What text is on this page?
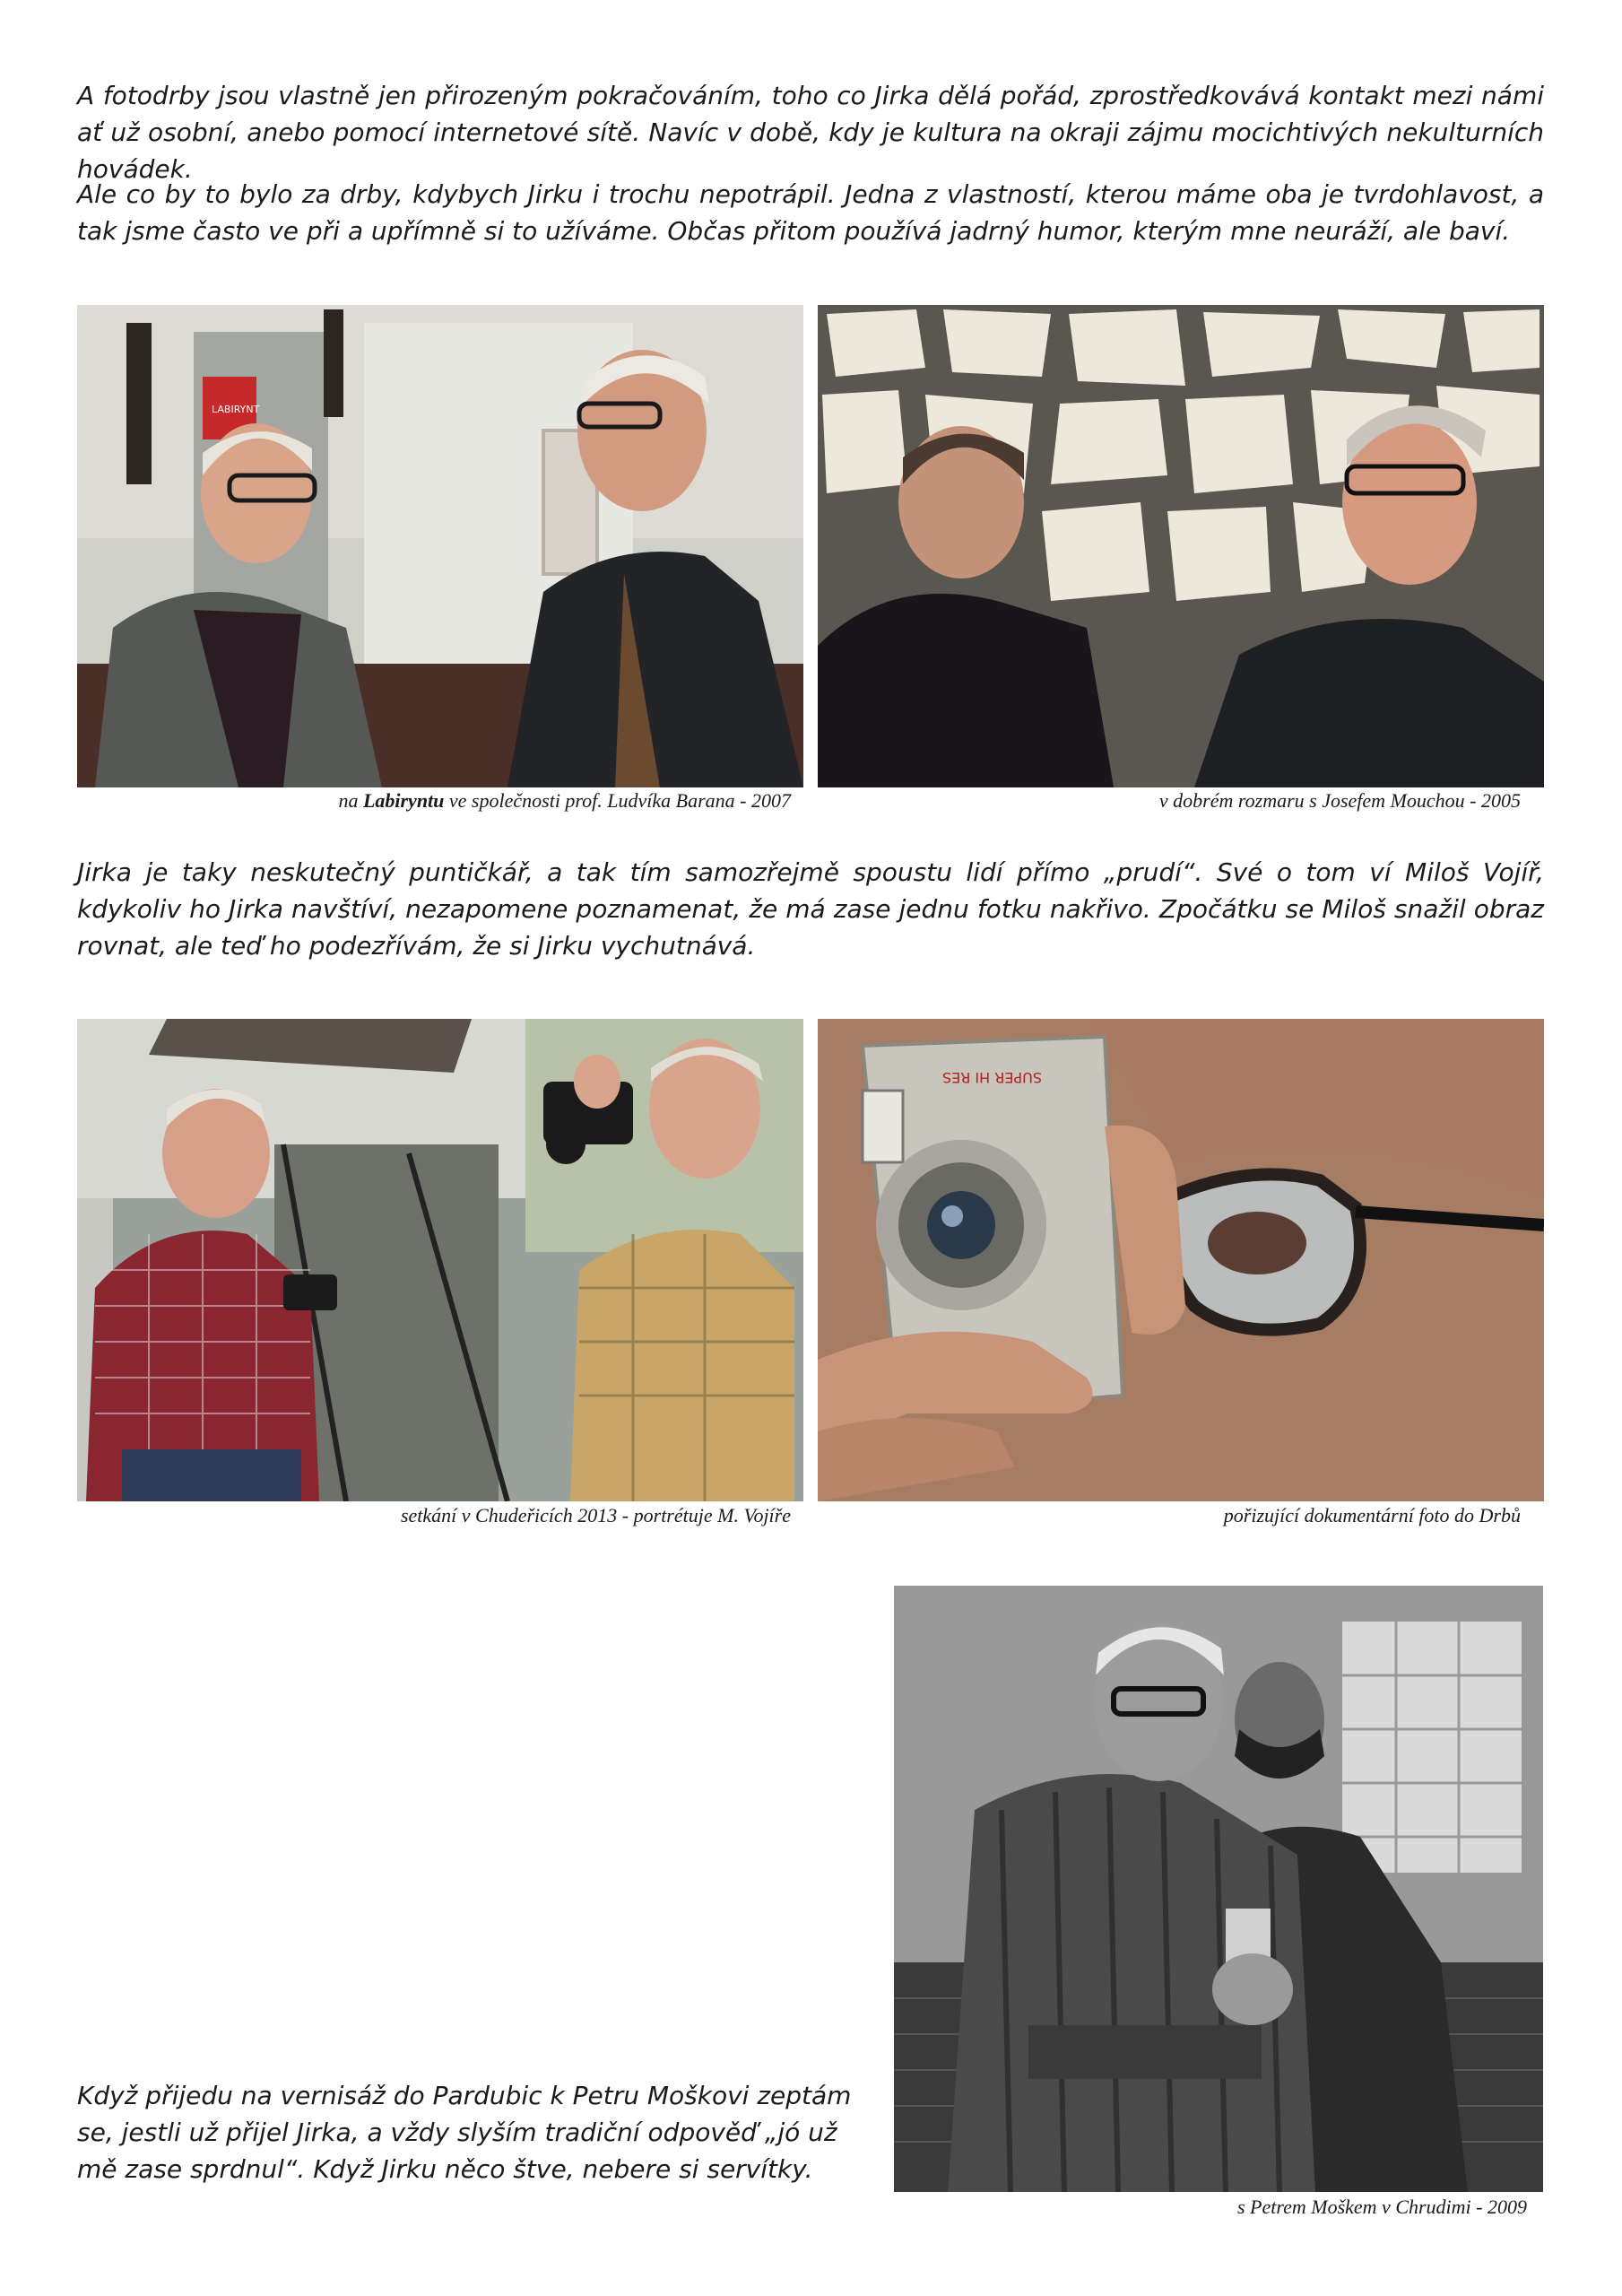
A fotodrby jsou vlastně jen přirozeným pokračováním, toho co Jirka dělá pořád, zprostředkovává kontakt mezi námi ať už osobní, anebo pomocí internetové sítě. Navíc v době, kdy je kultura na okraji zájmu mocichtivých nekulturních hovádek.

Ale co by to bylo za drby, kdybych Jirku i trochu nepotrápil. Jedna z vlastností, kterou máme oba je tvrdohlavost, a tak jsme často ve při a upřímně si to užíváme. Občas přitom používá jadrný humor, kterým mne neuráží, ale baví.

LABIRYNT

na Labiryntu ve společnosti prof. Ludvíka Barana - 2007	v dobrém rozmaru s Josefem Mouchou - 2005

Jirka je taky neskutečný puntičkář, a tak tím samozřejmě spoustu lidí přímo „prudí“. Své o tom ví Miloš Vojíř, kdykoliv ho Jirka navštíví, nezapomene poznamenat, že má zase jednu fotku nakřivo. Zpočátku se Miloš snažil obraz rovnat, ale teď ho podezřívám, že si Jirku vychutnává.

setkání v Chudeřicích 2013 - portrétuje M. Vojíře

SUPER HI RES

pořizující dokumentární foto do Drbů

s Petrem Moškem v Chrudimi - 2009

Když přijedu na vernisáž do Pardubic k Petru Moškovi zeptám se, jestli už přijel Jirka, a vždy slyším tradiční odpověď „jó už mě zase sprdnul“. Když Jirku něco štve, nebere si servítky.
